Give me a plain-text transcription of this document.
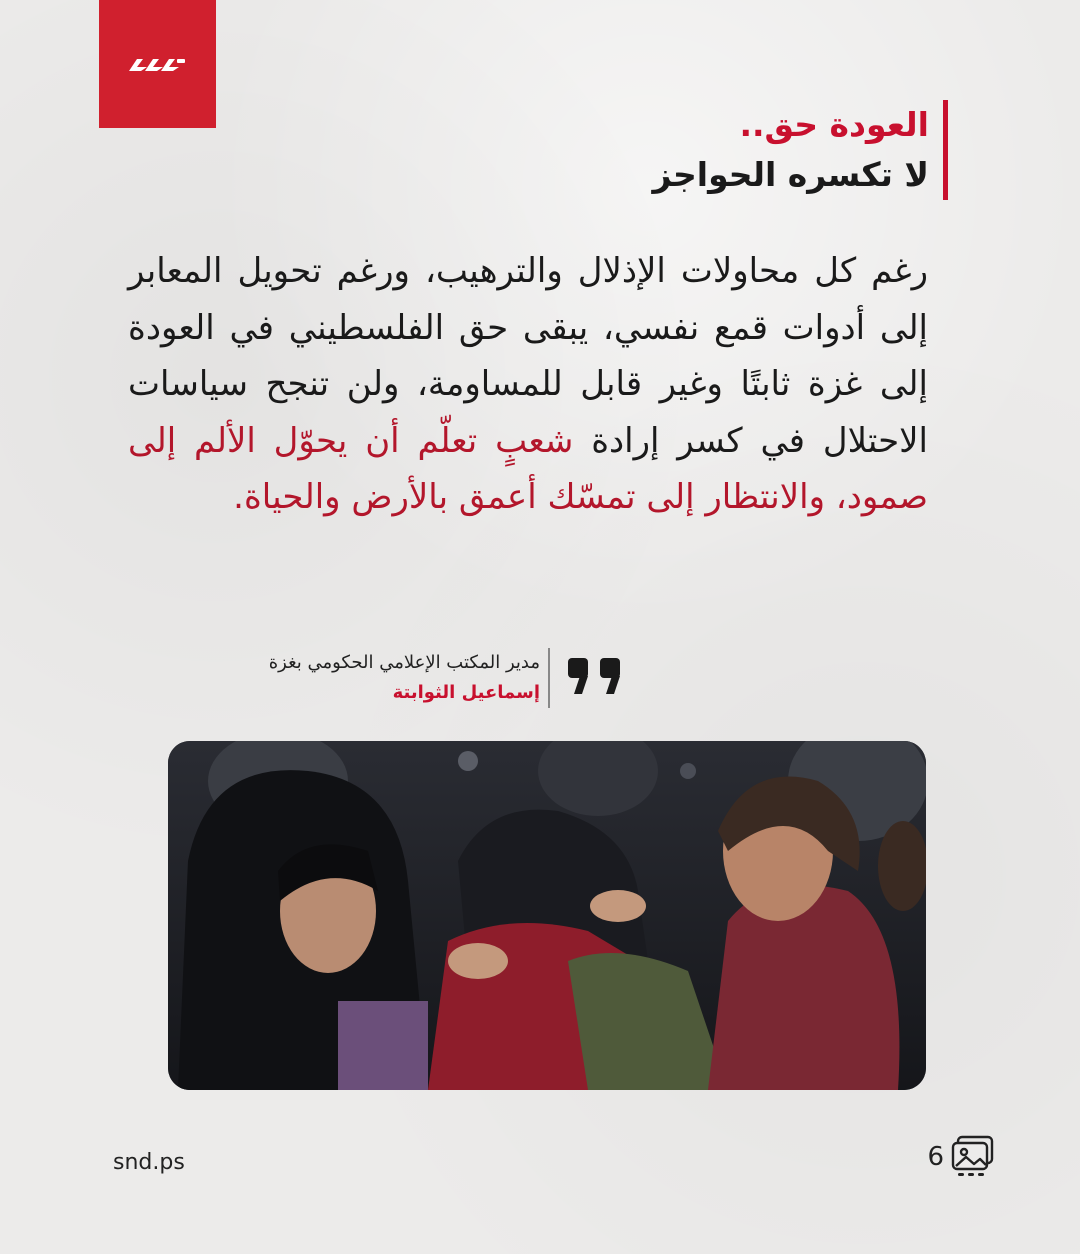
العودة حق..
لا تكسره الحواجز
رغم كل محاولات الإذلال والترهيب، ورغم تحويل المعابر إلى أدوات قمع نفسي، يبقى حق الفلسطيني في العودة إلى غزة ثابتًا وغير قابل للمساومة، ولن تنجح سياسات الاحتلال في كسر إرادة شعبٍ تعلّم أن يحوّل الألم إلى صمود، والانتظار إلى تمسّك أعمق بالأرض والحياة.
مدير المكتب الإعلامي الحكومي بغزة
إسماعيل الثوابتة
snd.ps	6
